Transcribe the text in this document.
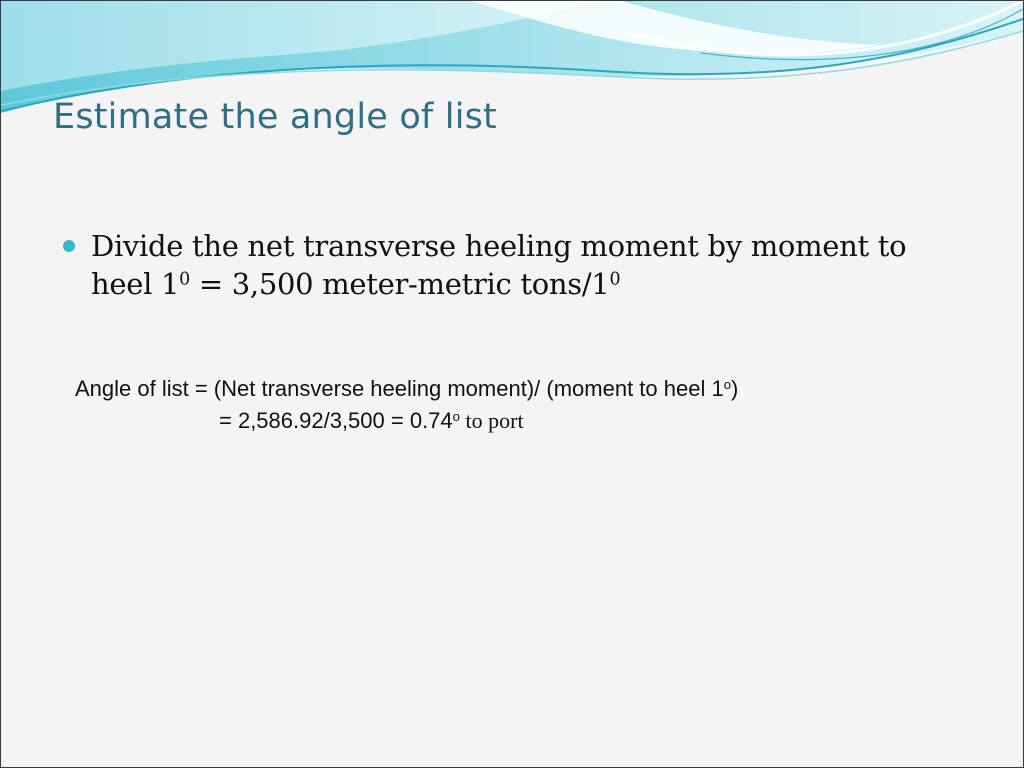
Estimate the angle of list
Divide the net transverse heeling moment by moment to heel $1^0 = 3,500$ meter-metric tons/$1^0$
Angle of list = (Net transverse heeling moment)/ (moment to heel $1^o$)
= $2,586.92/3,500 = 0.74^o$ to port
